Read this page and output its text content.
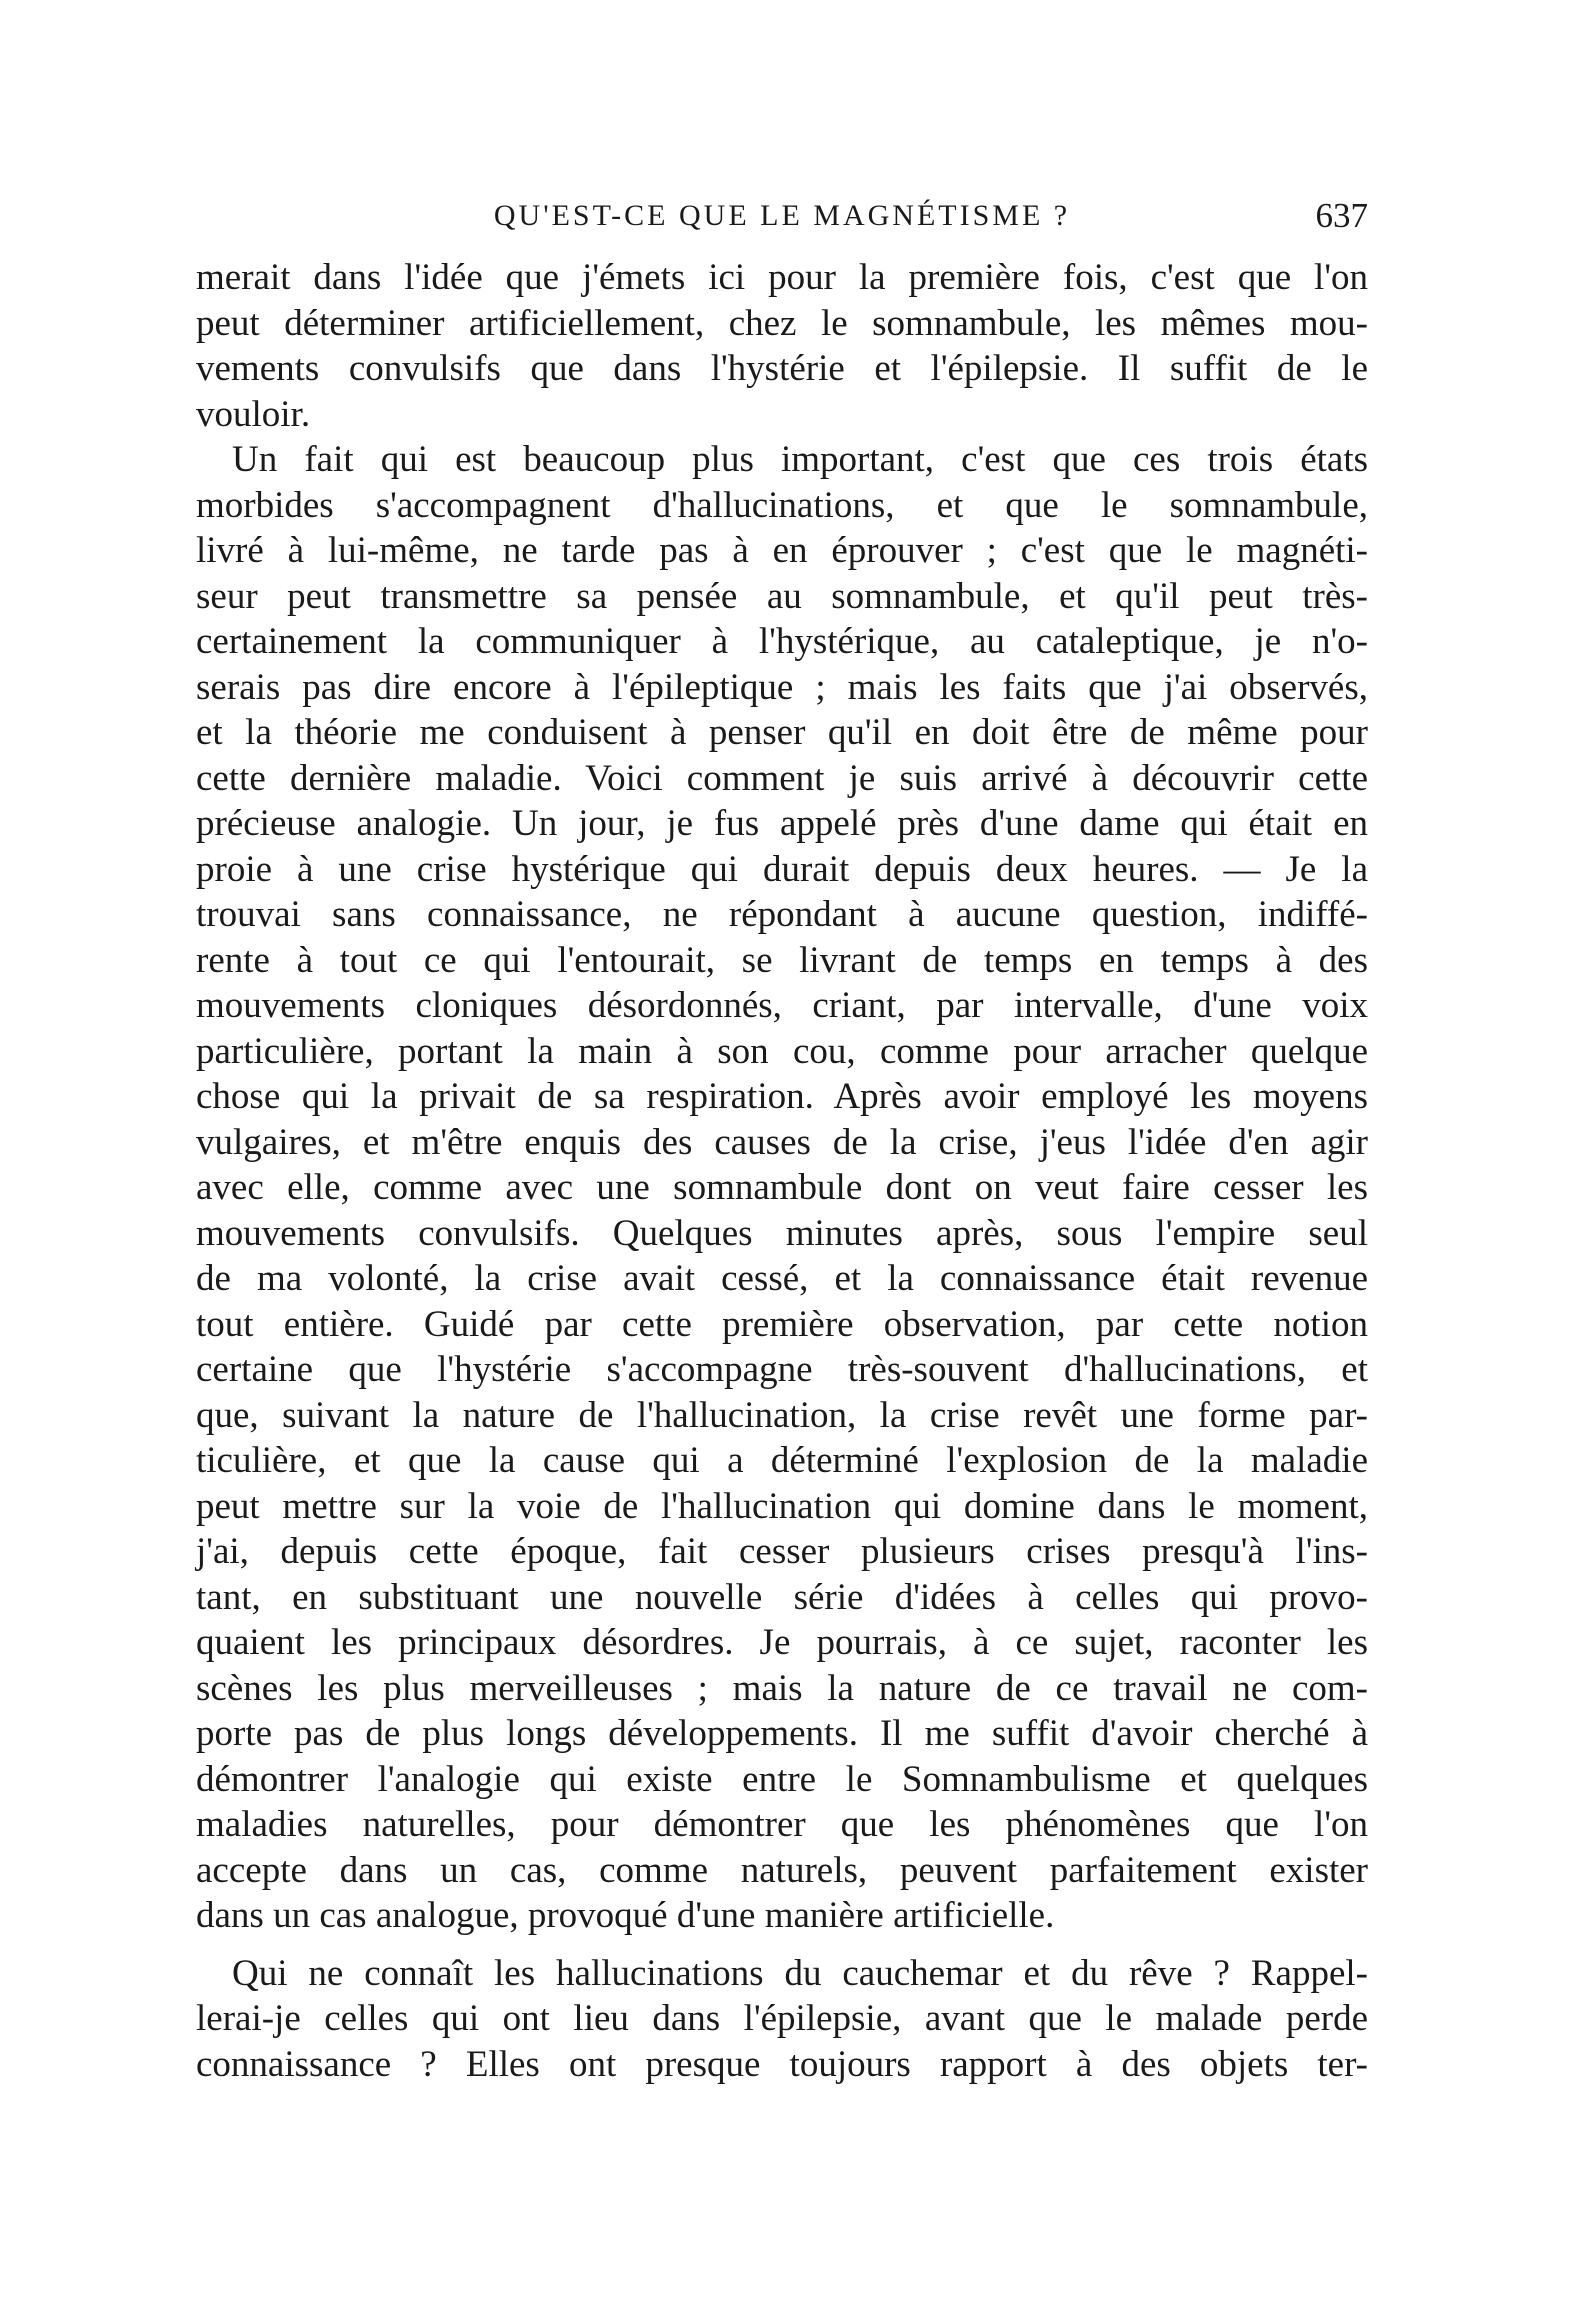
QU'EST-CE QUE LE MAGNÉTISME ?	637
merait dans l'idée que j'émets ici pour la première fois, c'est que l'on
peut déterminer artificiellement, chez le somnambule, les mêmes mou-
vements convulsifs que dans l'hystérie et l'épilepsie. Il suffit de le
vouloir.
Un fait qui est beaucoup plus important, c'est que ces trois états
morbides s'accompagnent d'hallucinations, et que le somnambule,
livré à lui-même, ne tarde pas à en éprouver ; c'est que le magnéti-
seur peut transmettre sa pensée au somnambule, et qu'il peut très-
certainement la communiquer à l'hystérique, au cataleptique, je n'o-
serais pas dire encore à l'épileptique ; mais les faits que j'ai observés,
et la théorie me conduisent à penser qu'il en doit être de même pour
cette dernière maladie. Voici comment je suis arrivé à découvrir cette
précieuse analogie. Un jour, je fus appelé près d'une dame qui était en
proie à une crise hystérique qui durait depuis deux heures. — Je la
trouvai sans connaissance, ne répondant à aucune question, indiffé-
rente à tout ce qui l'entourait, se livrant de temps en temps à des
mouvements cloniques désordonnés, criant, par intervalle, d'une voix
particulière, portant la main à son cou, comme pour arracher quelque
chose qui la privait de sa respiration. Après avoir employé les moyens
vulgaires, et m'être enquis des causes de la crise, j'eus l'idée d'en agir
avec elle, comme avec une somnambule dont on veut faire cesser les
mouvements convulsifs. Quelques minutes après, sous l'empire seul
de ma volonté, la crise avait cessé, et la connaissance était revenue
tout entière. Guidé par cette première observation, par cette notion
certaine que l'hystérie s'accompagne très-souvent d'hallucinations, et
que, suivant la nature de l'hallucination, la crise revêt une forme par-
ticulière, et que la cause qui a déterminé l'explosion de la maladie
peut mettre sur la voie de l'hallucination qui domine dans le moment,
j'ai, depuis cette époque, fait cesser plusieurs crises presqu'à l'ins-
tant, en substituant une nouvelle série d'idées à celles qui provo-
quaient les principaux désordres. Je pourrais, à ce sujet, raconter les
scènes les plus merveilleuses ; mais la nature de ce travail ne com-
porte pas de plus longs développements. Il me suffit d'avoir cherché à
démontrer l'analogie qui existe entre le Somnambulisme et quelques
maladies naturelles, pour démontrer que les phénomènes que l'on
accepte dans un cas, comme naturels, peuvent parfaitement exister
dans un cas analogue, provoqué d'une manière artificielle.
Qui ne connaît les hallucinations du cauchemar et du rêve ? Rappel-
lerai-je celles qui ont lieu dans l'épilepsie, avant que le malade perde
connaissance ? Elles ont presque toujours rapport à des objets ter-
